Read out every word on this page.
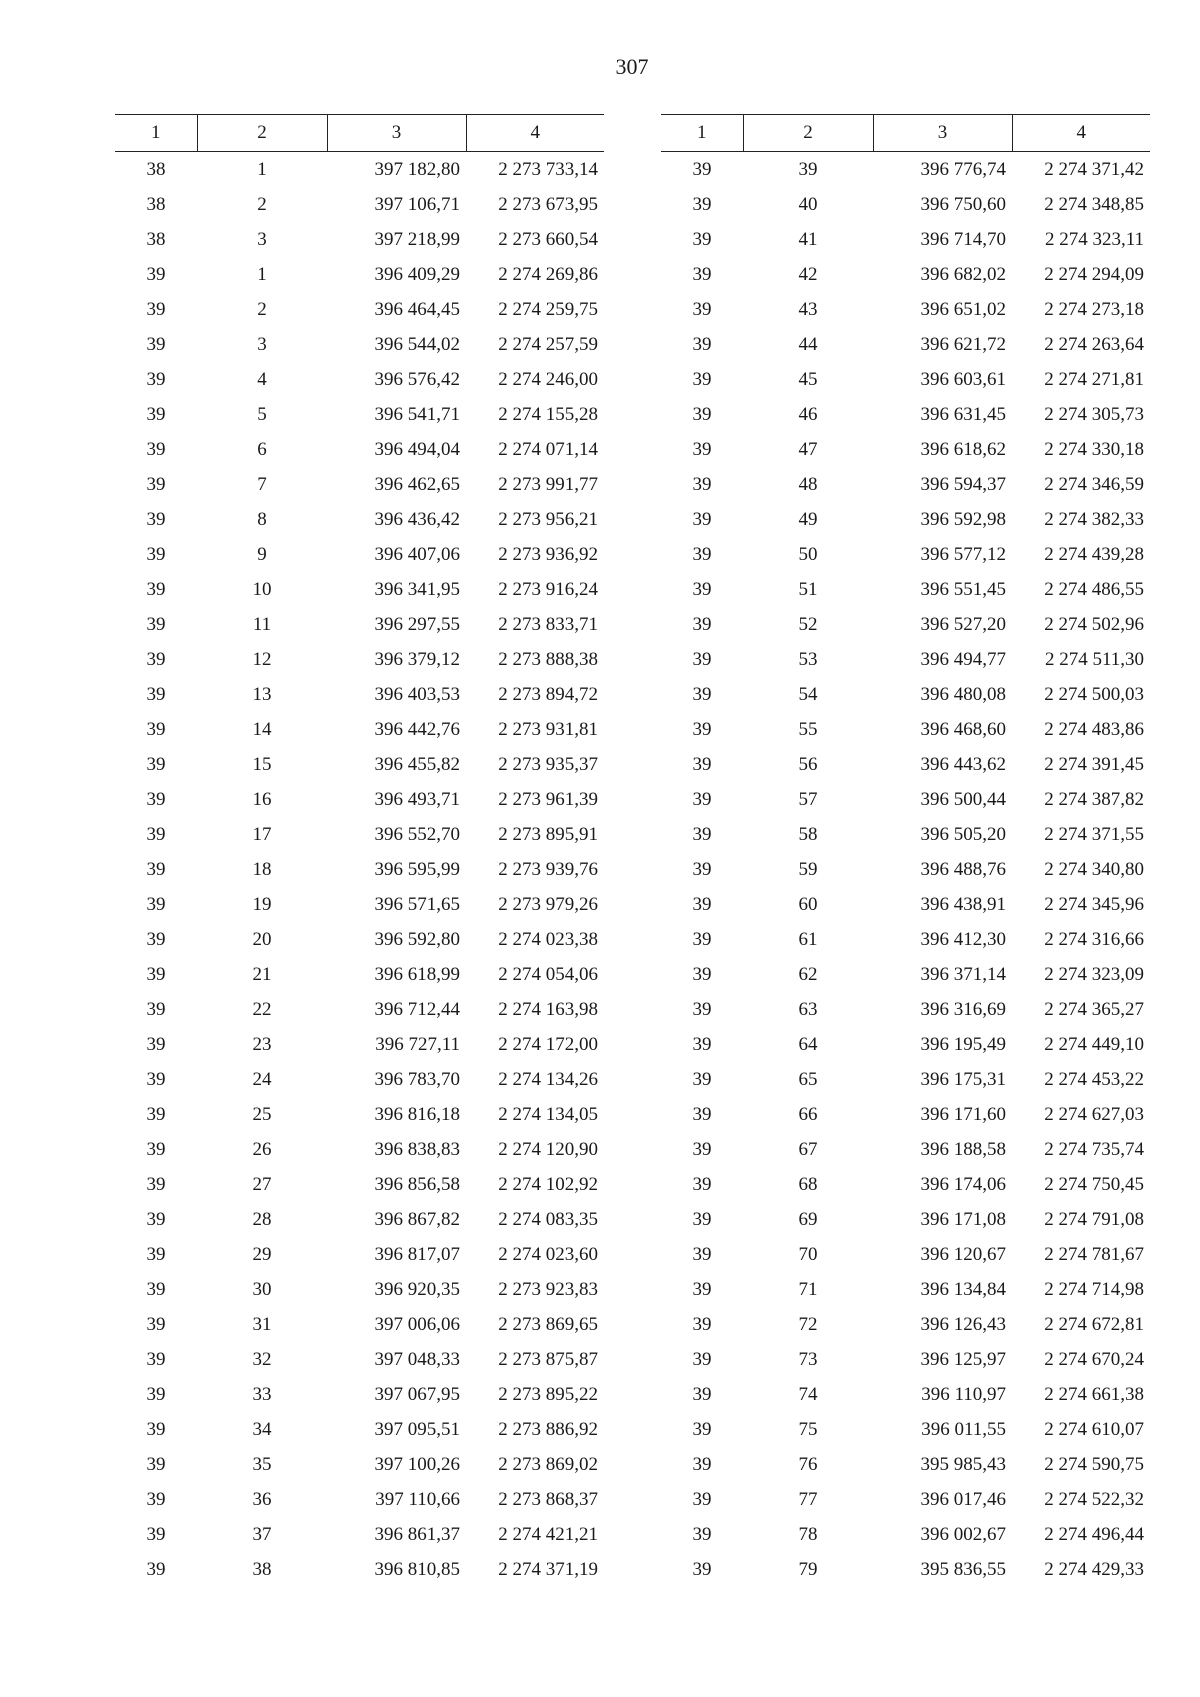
307
1	2	3	4
38	1	397 182,80	2 273 733,14
38	2	397 106,71	2 273 673,95
38	3	397 218,99	2 273 660,54
39	1	396 409,29	2 274 269,86
39	2	396 464,45	2 274 259,75
39	3	396 544,02	2 274 257,59
39	4	396 576,42	2 274 246,00
39	5	396 541,71	2 274 155,28
39	6	396 494,04	2 274 071,14
39	7	396 462,65	2 273 991,77
39	8	396 436,42	2 273 956,21
39	9	396 407,06	2 273 936,92
39	10	396 341,95	2 273 916,24
39	11	396 297,55	2 273 833,71
39	12	396 379,12	2 273 888,38
39	13	396 403,53	2 273 894,72
39	14	396 442,76	2 273 931,81
39	15	396 455,82	2 273 935,37
39	16	396 493,71	2 273 961,39
39	17	396 552,70	2 273 895,91
39	18	396 595,99	2 273 939,76
39	19	396 571,65	2 273 979,26
39	20	396 592,80	2 274 023,38
39	21	396 618,99	2 274 054,06
39	22	396 712,44	2 274 163,98
39	23	396 727,11	2 274 172,00
39	24	396 783,70	2 274 134,26
39	25	396 816,18	2 274 134,05
39	26	396 838,83	2 274 120,90
39	27	396 856,58	2 274 102,92
39	28	396 867,82	2 274 083,35
39	29	396 817,07	2 274 023,60
39	30	396 920,35	2 273 923,83
39	31	397 006,06	2 273 869,65
39	32	397 048,33	2 273 875,87
39	33	397 067,95	2 273 895,22
39	34	397 095,51	2 273 886,92
39	35	397 100,26	2 273 869,02
39	36	397 110,66	2 273 868,37
39	37	396 861,37	2 274 421,21
39	38	396 810,85	2 274 371,19
1	2	3	4
39	39	396 776,74	2 274 371,42
39	40	396 750,60	2 274 348,85
39	41	396 714,70	2 274 323,11
39	42	396 682,02	2 274 294,09
39	43	396 651,02	2 274 273,18
39	44	396 621,72	2 274 263,64
39	45	396 603,61	2 274 271,81
39	46	396 631,45	2 274 305,73
39	47	396 618,62	2 274 330,18
39	48	396 594,37	2 274 346,59
39	49	396 592,98	2 274 382,33
39	50	396 577,12	2 274 439,28
39	51	396 551,45	2 274 486,55
39	52	396 527,20	2 274 502,96
39	53	396 494,77	2 274 511,30
39	54	396 480,08	2 274 500,03
39	55	396 468,60	2 274 483,86
39	56	396 443,62	2 274 391,45
39	57	396 500,44	2 274 387,82
39	58	396 505,20	2 274 371,55
39	59	396 488,76	2 274 340,80
39	60	396 438,91	2 274 345,96
39	61	396 412,30	2 274 316,66
39	62	396 371,14	2 274 323,09
39	63	396 316,69	2 274 365,27
39	64	396 195,49	2 274 449,10
39	65	396 175,31	2 274 453,22
39	66	396 171,60	2 274 627,03
39	67	396 188,58	2 274 735,74
39	68	396 174,06	2 274 750,45
39	69	396 171,08	2 274 791,08
39	70	396 120,67	2 274 781,67
39	71	396 134,84	2 274 714,98
39	72	396 126,43	2 274 672,81
39	73	396 125,97	2 274 670,24
39	74	396 110,97	2 274 661,38
39	75	396 011,55	2 274 610,07
39	76	395 985,43	2 274 590,75
39	77	396 017,46	2 274 522,32
39	78	396 002,67	2 274 496,44
39	79	395 836,55	2 274 429,33
